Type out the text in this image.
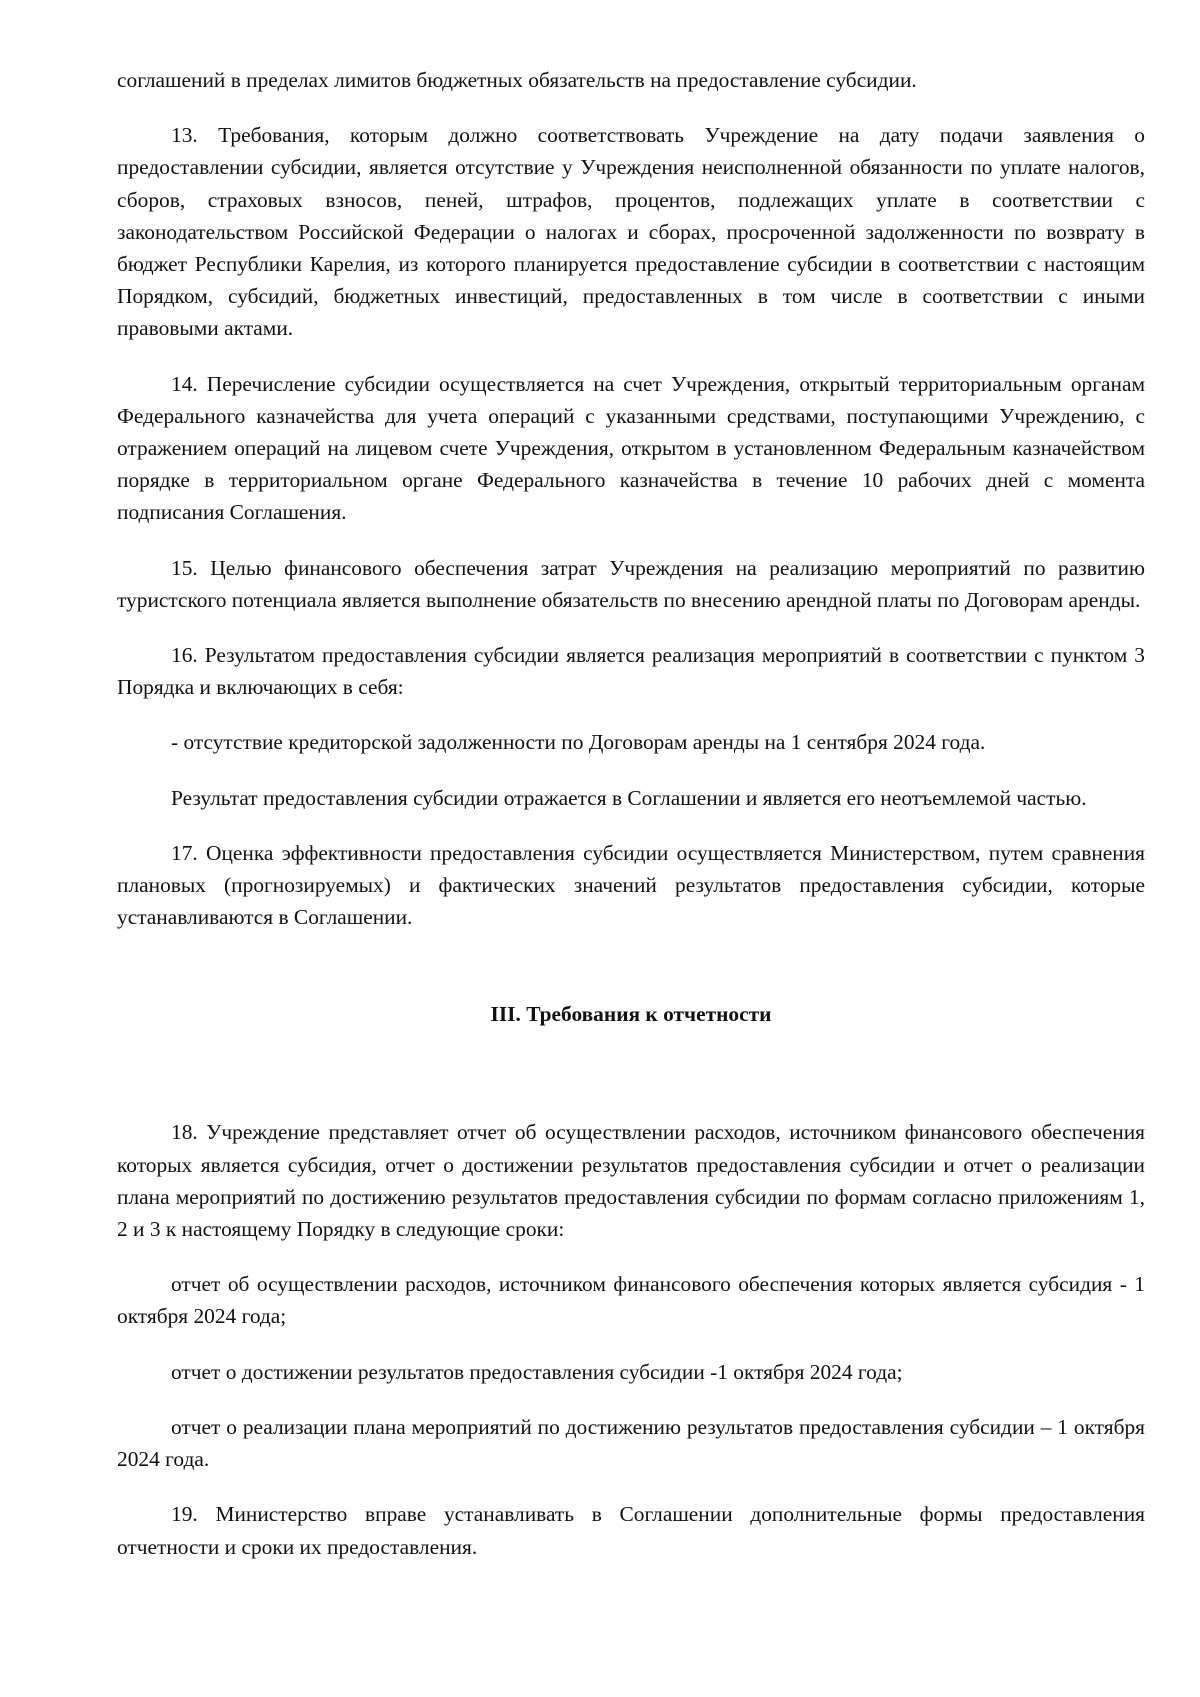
соглашений в пределах лимитов бюджетных обязательств на предоставление субсидии.

13. Требования, которым должно соответствовать Учреждение на дату подачи заявления о предоставлении субсидии, является отсутствие у Учреждения неисполненной обязанности по уплате налогов, сборов, страховых взносов, пеней, штрафов, процентов, подлежащих уплате в соответствии с законодательством Российской Федерации о налогах и сборах, просроченной задолженности по возврату в бюджет Республики Карелия, из которого планируется предоставление субсидии в соответствии с настоящим Порядком, субсидий, бюджетных инвестиций, предоставленных в том числе в соответствии с иными правовыми актами.

14. Перечисление субсидии осуществляется на счет Учреждения, открытый территориальным органам Федерального казначейства для учета операций с указанными средствами, поступающими Учреждению, с отражением операций на лицевом счете Учреждения, открытом в установленном Федеральным казначейством порядке в территориальном органе Федерального казначейства в течение 10 рабочих дней с момента подписания Соглашения.

15. Целью финансового обеспечения затрат Учреждения на реализацию мероприятий по развитию туристского потенциала является выполнение обязательств по внесению арендной платы по Договорам аренды.

16. Результатом предоставления субсидии является реализация мероприятий в соответствии с пунктом 3 Порядка и включающих в себя:

- отсутствие кредиторской задолженности по Договорам аренды на 1 сентября 2024 года.

Результат предоставления субсидии отражается в Соглашении и является его неотъемлемой частью.

17. Оценка эффективности предоставления субсидии осуществляется Министерством, путем сравнения плановых (прогнозируемых) и фактических значений результатов предоставления субсидии, которые устанавливаются в Соглашении.

III. Требования к отчетности

18. Учреждение представляет отчет об осуществлении расходов, источником финансового обеспечения которых является субсидия, отчет о достижении результатов предоставления субсидии и отчет о реализации плана мероприятий по достижению результатов предоставления субсидии по формам согласно приложениям 1, 2 и 3 к настоящему Порядку в следующие сроки:

отчет об осуществлении расходов, источником финансового обеспечения которых является субсидия - 1 октября 2024 года;

отчет о достижении результатов предоставления субсидии -1 октября 2024 года;

отчет о реализации плана мероприятий по достижению результатов предоставления субсидии – 1 октября 2024 года.

19. Министерство вправе устанавливать в Соглашении дополнительные формы предоставления отчетности и сроки их предоставления.
